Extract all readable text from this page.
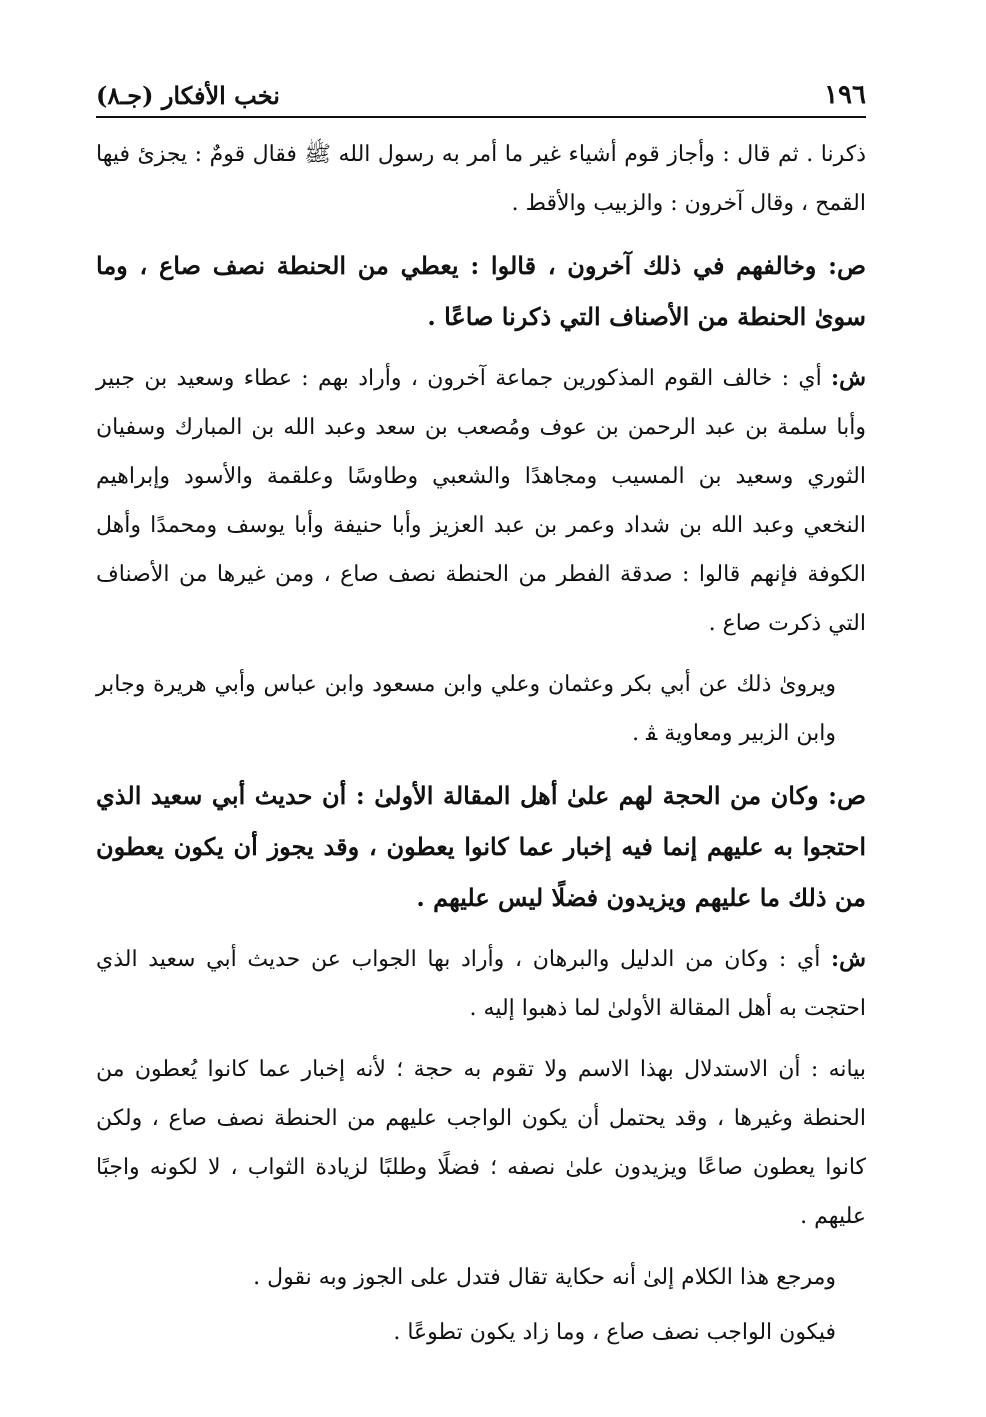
١٩٦
نخب الأفكار (جـ٨)

ذكرنا . ثم قال : وأجاز قوم أشياء غير ما أمر به رسول الله ﷺ فقال قومٌ : يجزئ فيها القمح ، وقال آخرون : والزبيب والأقط .

ص: وخالفهم في ذلك آخرون ، قالوا : يعطي من الحنطة نصف صاع ، وما سوىٰ الحنطة من الأصناف التي ذكرنا صاعًا .

ش: أي : خالف القوم المذكورين جماعة آخرون ، وأراد بهم : عطاء وسعيد بن جبير وأبا سلمة بن عبد الرحمن بن عوف ومُصعب بن سعد وعبد الله بن المبارك وسفيان الثوري وسعيد بن المسيب ومجاهدًا والشعبي وطاوسًا وعلقمة والأسود وإبراهيم النخعي وعبد الله بن شداد وعمر بن عبد العزيز وأبا حنيفة وأبا يوسف ومحمدًا وأهل الكوفة فإنهم قالوا : صدقة الفطر من الحنطة نصف صاع ، ومن غيرها من الأصناف التي ذكرت صاع .

ويروىٰ ذلك عن أبي بكر وعثمان وعلي وابن مسعود وابن عباس وأبي هريرة وجابر وابن الزبير ومعاوية ﭭ .

ص: وكان من الحجة لهم علىٰ أهل المقالة الأولىٰ : أن حديث أبي سعيد الذي احتجوا به عليهم إنما فيه إخبار عما كانوا يعطون ، وقد يجوز أن يكون يعطون من ذلك ما عليهم ويزيدون فضلًا ليس عليهم .

ش: أي : وكان من الدليل والبرهان ، وأراد بها الجواب عن حديث أبي سعيد الذي احتجت به أهل المقالة الأولىٰ لما ذهبوا إليه .

بيانه : أن الاستدلال بهذا الاسم ولا تقوم به حجة ؛ لأنه إخبار عما كانوا يُعطون من الحنطة وغيرها ، وقد يحتمل أن يكون الواجب عليهم من الحنطة نصف صاع ، ولكن كانوا يعطون صاعًا ويزيدون علىٰ نصفه ؛ فضلًا وطلبًا لزيادة الثواب ، لا لكونه واجبًا عليهم .

ومرجع هذا الكلام إلىٰ أنه حكاية تقال فتدل على الجوز وبه نقول .

فيكون الواجب نصف صاع ، وما زاد يكون تطوعًا .
